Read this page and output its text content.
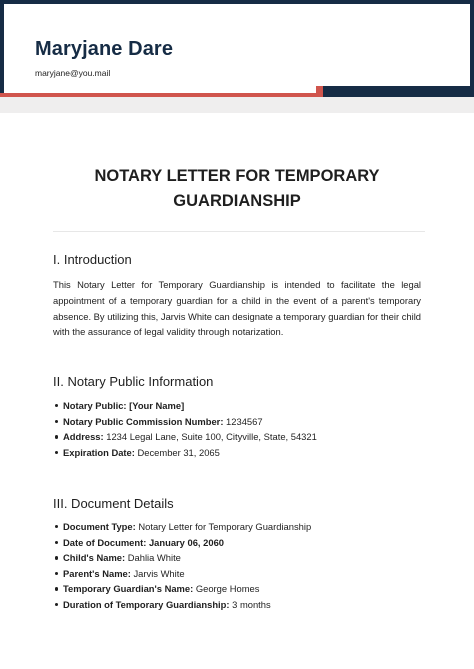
Maryjane Dare
maryjane@you.mail
NOTARY LETTER FOR TEMPORARY GUARDIANSHIP
I. Introduction
This Notary Letter for Temporary Guardianship is intended to facilitate the legal appointment of a temporary guardian for a child in the event of a parent's temporary absence. By utilizing this, Jarvis White can designate a temporary guardian for their child with the assurance of legal validity through notarization.
II. Notary Public Information
Notary Public: [Your Name]
Notary Public Commission Number: 1234567
Address: 1234 Legal Lane, Suite 100, Cityville, State, 54321
Expiration Date: December 31, 2065
III. Document Details
Document Type: Notary Letter for Temporary Guardianship
Date of Document: January 06, 2060
Child's Name: Dahlia White
Parent's Name: Jarvis White
Temporary Guardian's Name: George Homes
Duration of Temporary Guardianship: 3 months
